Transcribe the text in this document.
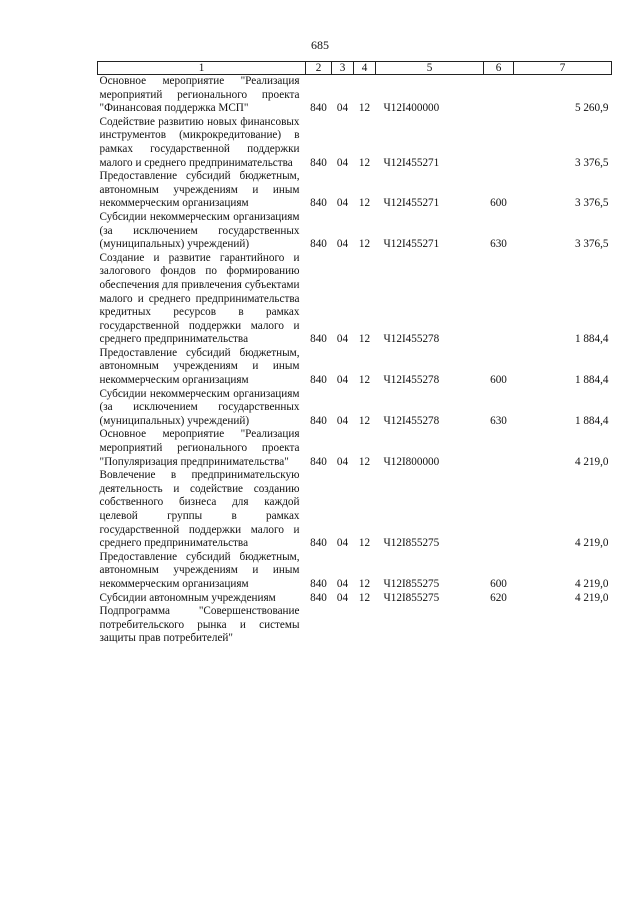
685
1	2	3	4	5	6	7
Основное мероприятие "Реализация мероприятий регионального проекта "Финансовая поддержка МСП"	840	04	12	Ч12I400000		5 260,9
Содействие развитию новых финансовых инструментов (микрокредитование) в рамках государственной поддержки малого и среднего предпринимательства	840	04	12	Ч12I455271		3 376,5
Предоставление субсидий бюджетным, автономным учреждениям и иным некоммерческим организациям	840	04	12	Ч12I455271	600	3 376,5
Субсидии некоммерческим организациям (за исключением государственных (муниципальных) учреждений)	840	04	12	Ч12I455271	630	3 376,5
Создание и развитие гарантийного и залогового фондов по формированию обеспечения для привлечения субъектами малого и среднего предпринимательства кредитных ресурсов в рамках государственной поддержки малого и среднего предпринимательства	840	04	12	Ч12I455278		1 884,4
Предоставление субсидий бюджетным, автономным учреждениям и иным некоммерческим организациям	840	04	12	Ч12I455278	600	1 884,4
Субсидии некоммерческим организациям (за исключением государственных (муниципальных) учреждений)	840	04	12	Ч12I455278	630	1 884,4
Основное мероприятие "Реализация мероприятий регионального проекта "Популяризация предпринимательства"	840	04	12	Ч12I800000		4 219,0
Вовлечение в предпринимательскую деятельность и содействие созданию собственного бизнеса для каждой целевой группы в рамках государственной поддержки малого и среднего предпринимательства	840	04	12	Ч12I855275		4 219,0
Предоставление субсидий бюджетным, автономным учреждениям и иным некоммерческим организациям	840	04	12	Ч12I855275	600	4 219,0
Субсидии автономным учреждениям	840	04	12	Ч12I855275	620	4 219,0
Подпрограмма "Совершенствование потребительского рынка и системы защиты прав потребителей"						
